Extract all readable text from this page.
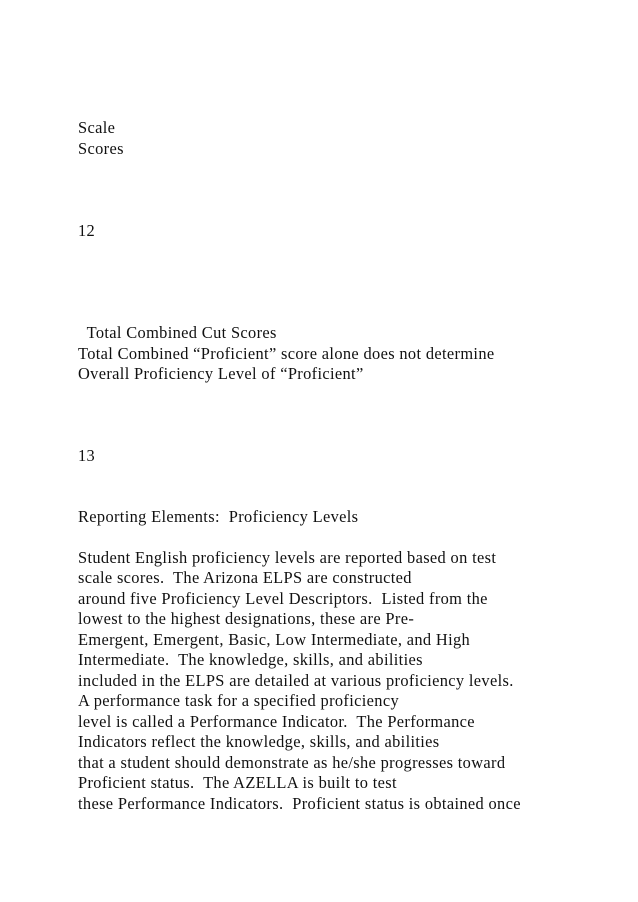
Scale
Scores
12
Total Combined Cut Scores
Total Combined “Proficient” score alone does not determine
Overall Proficiency Level of “Proficient”
13
Reporting Elements:  Proficiency Levels
Student English proficiency levels are reported based on test
scale scores.  The Arizona ELPS are constructed
around five Proficiency Level Descriptors.  Listed from the
lowest to the highest designations, these are Pre-
Emergent, Emergent, Basic, Low Intermediate, and High
Intermediate.  The knowledge, skills, and abilities
included in the ELPS are detailed at various proficiency levels.
A performance task for a specified proficiency
level is called a Performance Indicator.  The Performance
Indicators reflect the knowledge, skills, and abilities
that a student should demonstrate as he/she progresses toward
Proficient status.  The AZELLA is built to test
these Performance Indicators.  Proficient status is obtained once
